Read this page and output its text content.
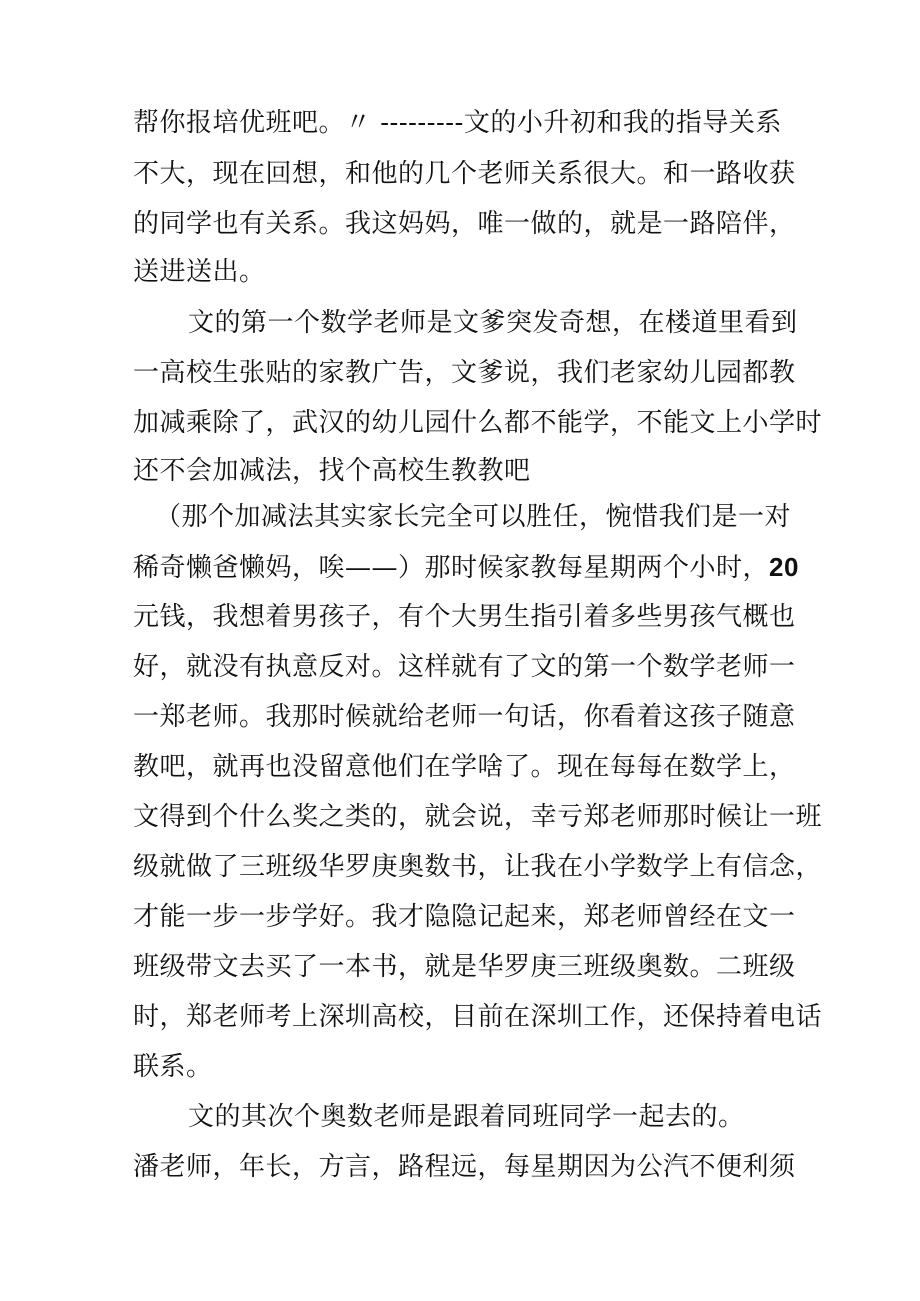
帮你报培优班吧。〃 ---------文的小升初和我的指导关系
不大，现在回想，和他的几个老师关系很大。和一路收获
的同学也有关系。我这妈妈，唯一做的，就是一路陪伴，
送进送出。
文的第一个数学老师是文爹突发奇想，在楼道里看到
一高校生张贴的家教广告，文爹说，我们老家幼儿园都教
加减乘除了，武汉的幼儿园什么都不能学，不能文上小学时
还不会加减法，找个高校生教教吧
（那个加减法其实家长完全可以胜任，惋惜我们是一对
稀奇懒爸懒妈，唉——）那时候家教每星期两个小时，20
元钱，我想着男孩子，有个大男生指引着多些男孩气概也
好，就没有执意反对。这样就有了文的第一个数学老师一
一郑老师。我那时候就给老师一句话，你看着这孩子随意
教吧，就再也没留意他们在学啥了。现在每每在数学上，
文得到个什么奖之类的，就会说，幸亏郑老师那时候让一班
级就做了三班级华罗庚奥数书，让我在小学数学上有信念，
才能一步一步学好。我才隐隐记起来，郑老师曾经在文一
班级带文去买了一本书，就是华罗庚三班级奥数。二班级
时，郑老师考上深圳高校，目前在深圳工作，还保持着电话
联系。
文的其次个奥数老师是跟着同班同学一起去的。
潘老师，年长，方言，路程远，每星期因为公汽不便利须
